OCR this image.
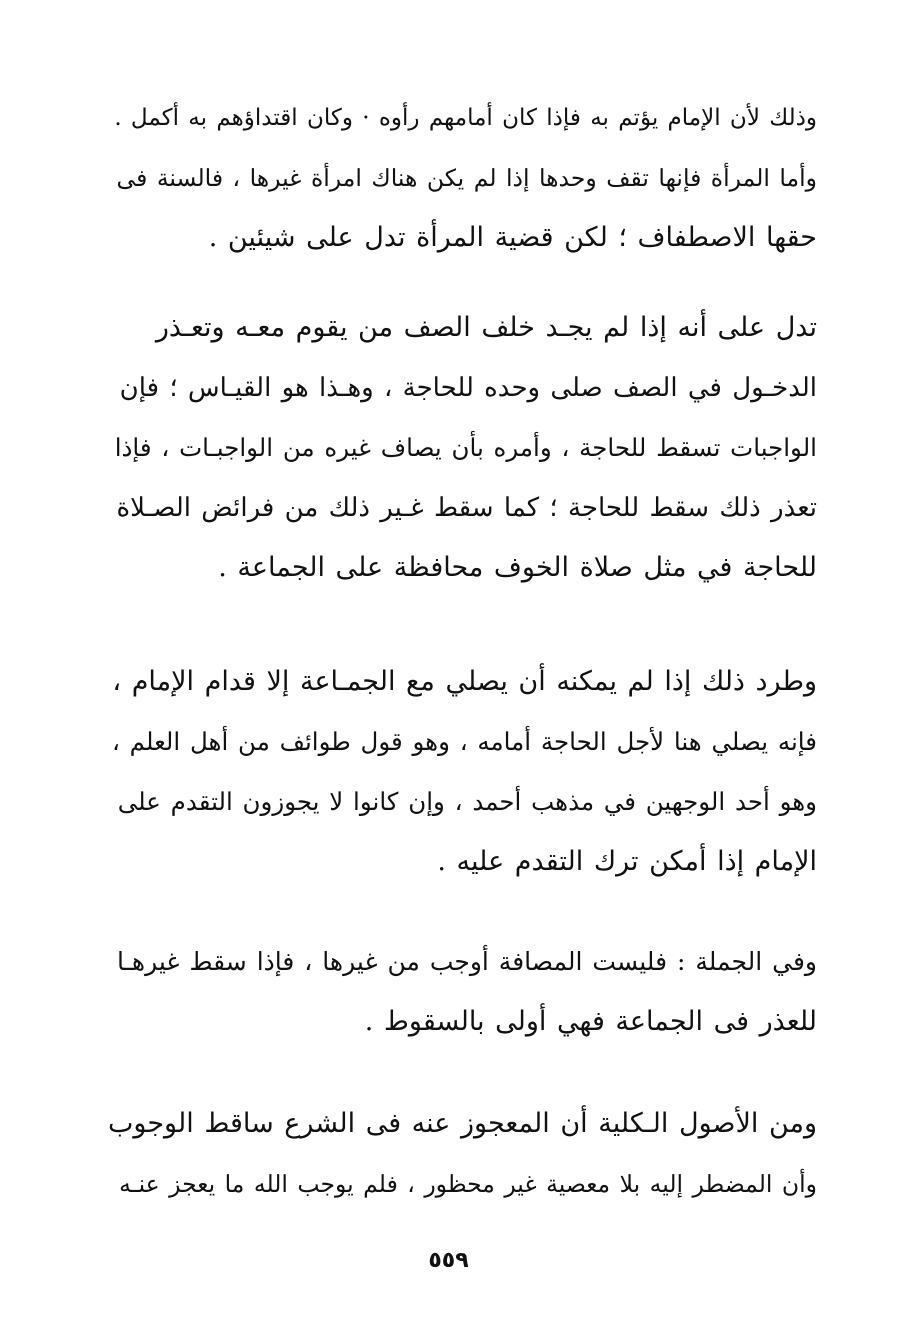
وذلك لأن الإمام يؤتم به فإذا كان أمامهم رأوه · وكان اقتداؤهم به أكمل .
وأما المرأة فإنها تقف وحدها إذا لم يكن هناك امرأة غيرها ، فالسنة فى
حقها الاصطفاف ؛ لكن قضية المرأة تدل على شيئين .
تدل على أنه إذا لم يجـد خلف الصف من يقوم معـه وتعـذر
الدخـول في الصف صلى وحده للحاجة ، وهـذا هو القيـاس ؛ فإن
الواجبات تسقط للحاجة ، وأمره بأن يصاف غيره من الواجبـات ، فإذا
تعذر ذلك سقط للحاجة ؛ كما سقط غـير ذلك من فرائض الصـلاة
للحاجة في مثل صلاة الخوف محافظة على الجماعة .
وطرد ذلك إذا لم يمكنه أن يصلي مع الجمـاعة إلا قدام الإمام ،
فإنه يصلي هنا لأجل الحاجة أمامه ، وهو قول طوائف من أهل العلم ،
وهو أحد الوجهين في مذهب أحمد ، وإن كانوا لا يجوزون التقدم على
الإمام إذا أمكن ترك التقدم عليه .
وفي الجملة : فليست المصافة أوجب من غيرها ، فإذا سقط غيرهـا
للعذر فى الجماعة فهي أولى بالسقوط .
ومن الأصول الـكلية أن المعجوز عنه فى الشرع ساقط الوجوب
وأن المضطر إليه بلا معصية غير محظور ، فلم يوجب الله ما يعجز عنـه
٥٥٩
